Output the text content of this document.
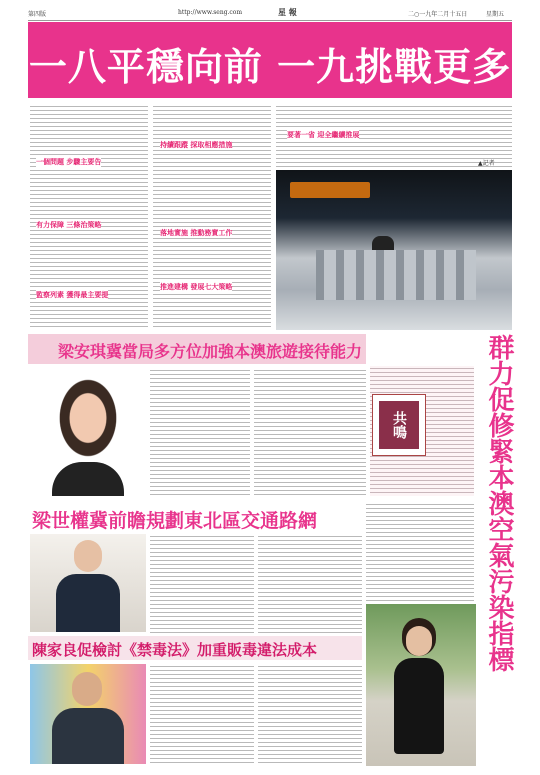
第四版	http://www.seng.com	星 報	二○一九年二月十五日	星期五
一八平穩向前 一九挑戰更多
一個問題 步驟主要告
有力保障 三條治策略
監察列素 獲得最主要提
持續跟蹤 採取相應措施
落地實施 推動務實工作
推進建構 發展七大策略
要著一省 迎全繼續推展
▲記者
梁安琪冀當局多方位加強本澳旅遊接待能力
共鳴	群力促修緊本澳空氣污染指標
梁世權冀前瞻規劃東北區交通路網
陳家良促檢討《禁毒法》加重販毒違法成本
